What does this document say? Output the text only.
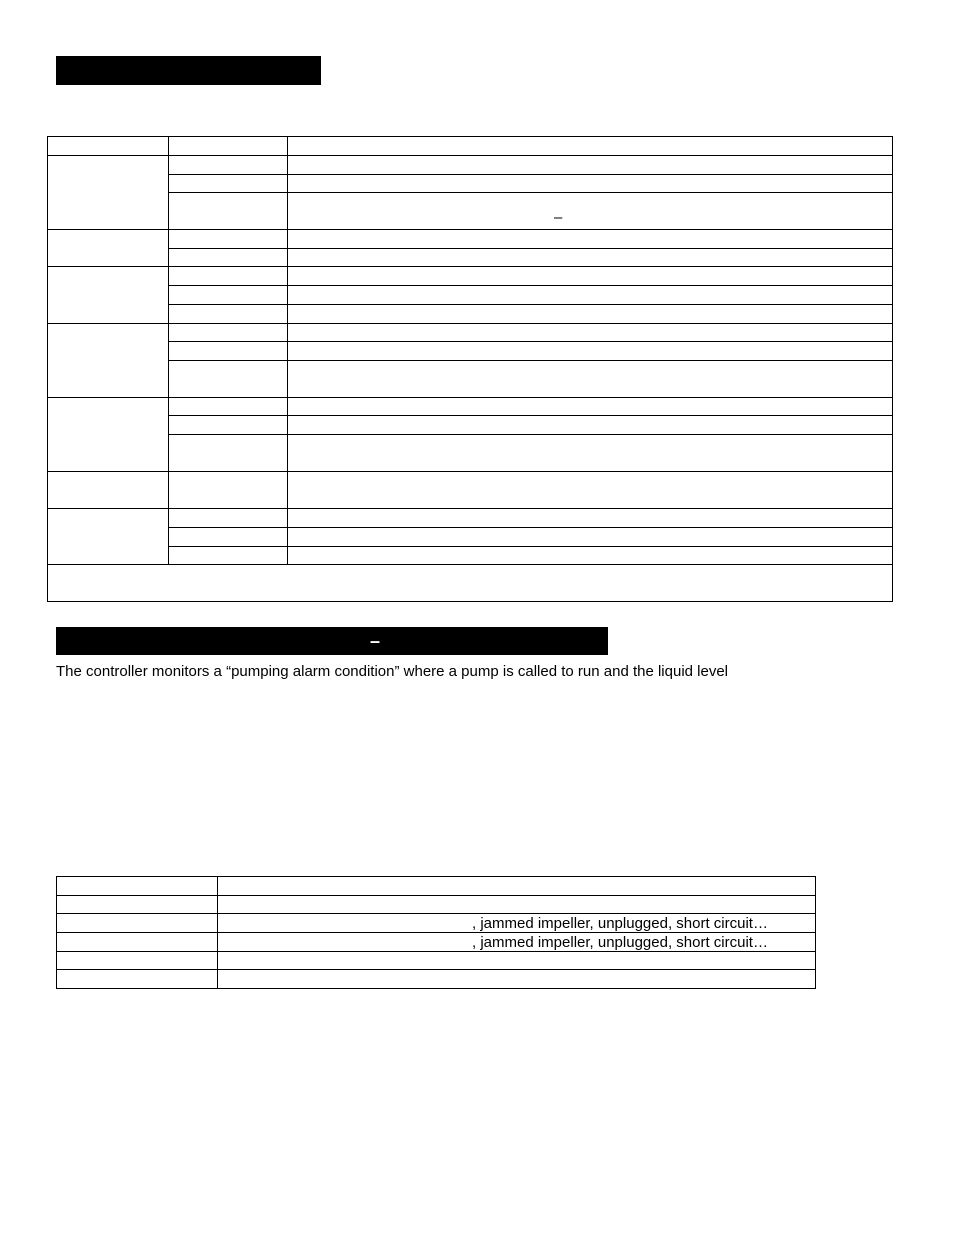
		–

–
The controller monitors a “pumping alarm condition” where a pump is called to run and the liquid level

	, jammed impeller, unplugged, short circuit…
	, jammed impeller, unplugged, short circuit…
